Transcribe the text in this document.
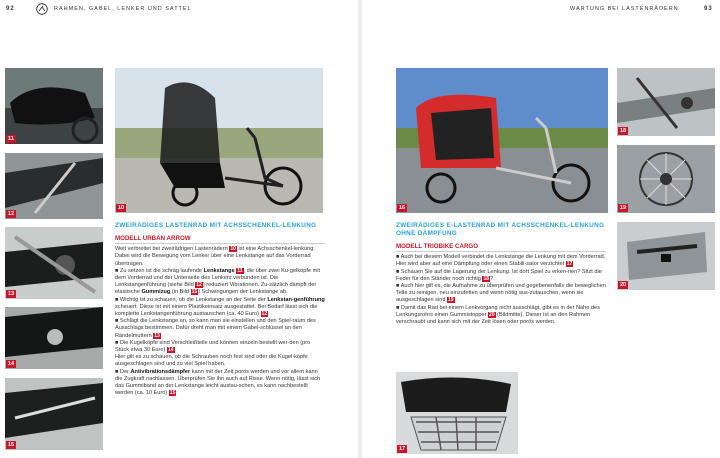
92	RAHMEN, GABEL, LENKER UND SATTEL	WARTUNG BEI LASTENRÄDERN	93
11
12
13
14
15
10
ZWEIRÄDIGES LASTENRAD MIT ACHSSCHENKEL-LENKUNG
MODELL URBAN ARROW

Weit verbreitet bei zweirädrigen Lastenrädern 10 ist eine Achsschenkel-lenkung. Dabei wird die Bewegung vom Lenker über eine Lenkstange auf das Vorderrad übertragen.

■ Zu setzen ist die schräg laufende Lenkstange 11, die über zwei Ku-gelköpfe mit dem Vorderrad und der Unterseite des Lenkers verbunden ist. Die Lenkstangenführung (siehe Bild 12) reduziert Vibrationen. Zu-sätzlich dämpft der elastische Gummizug (in Bild 15) Schwingungen der Lenkstange ab.

■ Wichtig ist zu schauen, ob die Lenkstange an der Seite der Lenkstan-genführung scheuert. Diese ist mit einem Plastikeinsatz ausgestattet. Bei Bedarf lässt sich die komplette Lenkstangenführung austauschen (ca. 40 Euro) 12

■ Schlägt die Lenkstange an, so kann man sie einstellen und den Spiel-raum des Ausschlags bestimmen. Dafür dreht man mit einem Gabel-schlüssel an den Rändelmuttern 13

■ Die Kugelköpfe sind Verschleißteile und können einzeln bestellt wer-den (pro Stück etwa 30 Euro) 14

Hier gilt es zu schauen, ob die Schrauben noch fest sind oder die Kugel-köpfe ausgeschlagen sind und zu viel Spiel haben.

■ Der Antivibrationsdämpfer kann mit der Zeit porös werden und vor allem kann die Zugkraft nachlassen. Überprüfen Sie ihn auch auf Risse. Wenn nötig, lässt sich das Gummiband an der Lenkstange leicht austau-schen, es kann nachbestellt werden (ca. 10 Euro) 15

16
18
19
20
ZWEIRÄDIGES E-LASTENRAD MIT ACHSSCHENKEL-LENKUNG OHNE DÄMPFUNG
MODELL TRIOBIKE CARGO

■ Auch bei diesem Modell verbindet die Lenkstange die Lenkung mit dem Vorderrad. Hier wird aber auf eine Dämpfung oder einen Stabili-sator verzichtet 17

■ Schauen Sie auf die Lagerung der Lenkung. Ist dort Spiel zu erken-nen? Sitzt die Feder für den Ständer noch richtig 18?

■ Auch hier gilt es, die Aufnahme zu überprüfen und gegebenenfalls die beweglichen Teile zu reinigen, neu einzufetten und wenn nötig aus-zutauschen, wenn sie ausgeschlagen sind 19

■ Damit das Rad bei einem Lenkvorgang nicht ausschlägt, gibt es in der Nähe des Lenkungsrohrs einen Gummistopper 20 (Bildmitte). Dieser ist an den Rahmen verschraubt und kann sich mit der Zeit lösen oder porös werden.

17
